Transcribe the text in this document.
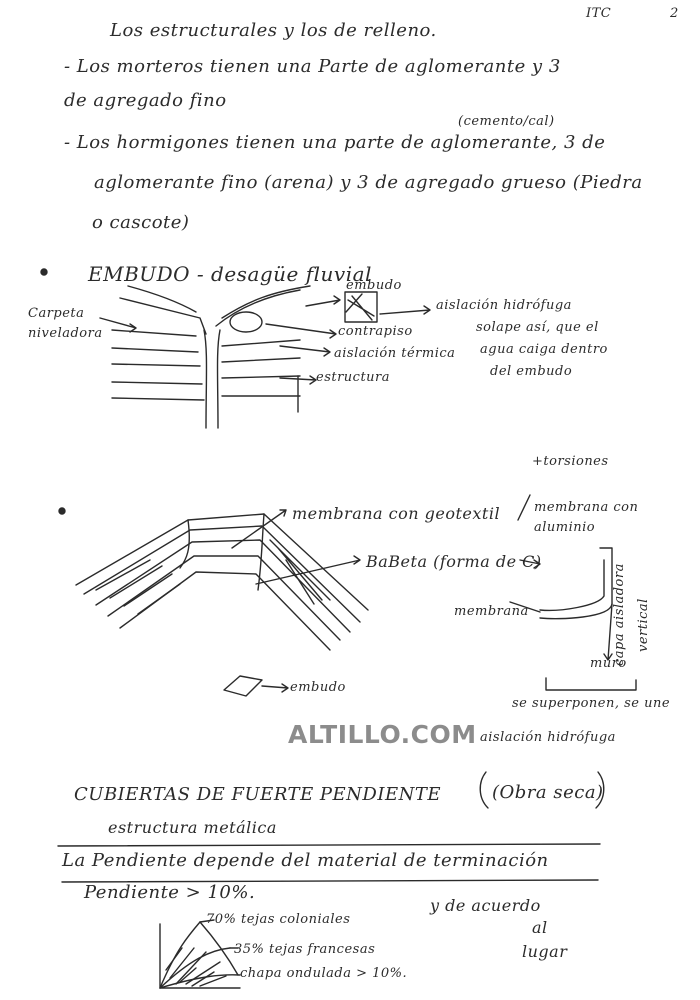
ITC	2
Los estructurales y los de relleno.
- Los morteros tienen una Parte de aglomerante y 3
de agregado fino
(cemento/cal)
- Los hormigones tienen una parte de aglomerante, 3 de
aglomerante fino (arena) y 3 de agregado grueso (Piedra
o cascote)
EMBUDO - desagüe fluvial
embudo
Carpeta niveladora
aislación hidrófuga
solape así, que el
agua caiga dentro
del embudo
contrapiso
aislación térmica
estructura
+torsiones
membrana con geotextil	membrana con aluminio
BaBeta (forma de C)
membrana
muro
capa aisladora vertical
se superponen, se une
aislación hidrófuga
embudo
ALTILLO.COM
CUBIERTAS DE FUERTE PENDIENTE	(Obra seca)
estructura metálica
La Pendiente depende del material de terminación
Pendiente > 10%.
70% tejas coloniales
35% tejas francesas
chapa ondulada > 10%.
y de acuerdo
al
lugar
